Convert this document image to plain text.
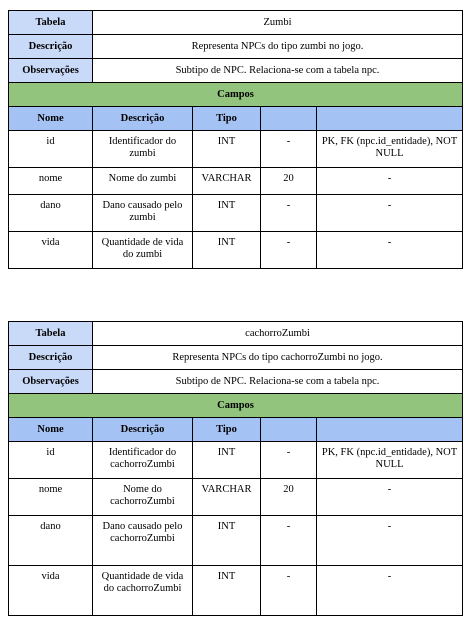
Tabela	Zumbi			
Descrição	Representa NPCs do tipo zumbi no jogo.			
Observações	Subtipo de NPC. Relaciona-se com a tabela npc.			
Campos				
Nome	Descrição	Tipo		
id	Identificador do zumbi	INT	-	PK, FK (npc.id_entidade), NOT NULL
nome	Nome do zumbi	VARCHAR	20	-
dano	Dano causado pelo zumbi	INT	-	-
vida	Quantidade de vida do zumbi	INT	-	-
Tabela	cachorroZumbi			
Descrição	Representa NPCs do tipo cachorroZumbi no jogo.			
Observações	Subtipo de NPC. Relaciona-se com a tabela npc.			
Campos				
Nome	Descrição	Tipo		
id	Identificador do cachorroZumbi	INT	-	PK, FK (npc.id_entidade), NOT NULL
nome	Nome do cachorroZumbi	VARCHAR	20	-
dano	Dano causado pelo cachorroZumbi	INT	-	-
vida	Quantidade de vida do cachorroZumbi	INT	-	-
